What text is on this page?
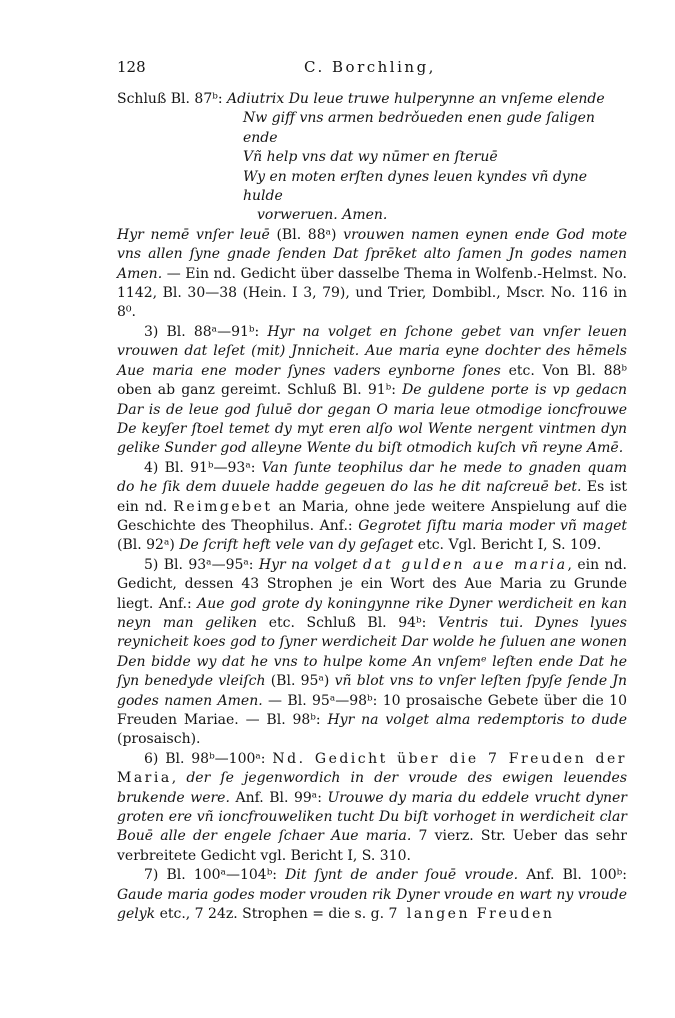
128	C. Borchling,
Schluß Bl. 87ᵇ: Adiutrix Du leue truwe hulperynne an vnſeme elende
Nw giff vns armen bedrǒueden enen gude ſaligen ende
Vñ help vns dat wy nūmer en ſteruē
Wy en moten erſten dynes leuen kyndes vñ dyne hulde
vorweruen. Amen.

Hyr nemē vnſer leuē (Bl. 88ᵃ) vrouwen namen eynen ende God mote vns allen ſyne gnade ſenden Dat ſprēket alto ſamen Jn godes namen Amen. — Ein nd. Gedicht über dasselbe Thema in Wolfenb.-Helmst. No. 1142, Bl. 30—38 (Hein. I 3, 79), und Trier, Dombibl., Mscr. No. 116 in 8⁰.

3) Bl. 88ᵃ—91ᵇ: Hyr na volget en ſchone gebet van vnſer leuen vrouwen dat leſet (mit) Jnnicheit. Aue maria eyne dochter des hēmels Aue maria ene moder ſynes vaders eynborne ſones etc. Von Bl. 88ᵇ oben ab ganz gereimt. Schluß Bl. 91ᵇ: De guldene porte is vp gedacn Dar is de leue god ſuluē dor gegan O maria leue otmodige ioncfrouwe De keyſer ſtoel temet dy myt eren alſo wol Wente nergent vintmen dyn gelike Sunder god alleyne Wente du biſt otmodich kuſch vñ reyne Amē.

4) Bl. 91ᵇ—93ᵃ: Van ſunte teophilus dar he mede to gnaden quam do he ſik dem duuele hadde gegeuen do las he dit naſcreuē bet. Es ist ein nd. Reimgebet an Maria, ohne jede weitere Anspielung auf die Geschichte des Theophilus. Anf.: Gegrotet ſiſtu maria moder vñ maget (Bl. 92ᵃ) De ſcrift heft vele van dy geſaget etc. Vgl. Bericht I, S. 109.

5) Bl. 93ᵃ—95ᵃ: Hyr na volget dat gulden aue maria, ein nd. Gedicht, dessen 43 Strophen je ein Wort des Aue Maria zu Grunde liegt. Anf.: Aue god grote dy koningynne rike Dyner werdicheit en kan neyn man geliken etc. Schluß Bl. 94ᵇ: Ventris tui. Dynes lyues reynicheit koes god to ſyner werdicheit Dar wolde he ſuluen ane wonen Den bidde wy dat he vns to hulpe kome An vnſemᵉ leſten ende Dat he ſyn benedyde vleiſch (Bl. 95ᵃ) vñ blot vns to vnſer leſten ſpyſe ſende Jn godes namen Amen. — Bl. 95ᵃ—98ᵇ: 10 prosaische Gebete über die 10 Freuden Mariae. — Bl. 98ᵇ: Hyr na volget alma redemptoris to dude (prosaisch).

6) Bl. 98ᵇ—100ᵃ: Nd. Gedicht über die 7 Freuden der Maria, der ſe jegenwordich in der vroude des ewigen leuendes brukende were. Anf. Bl. 99ᵃ: Urouwe dy maria du eddele vrucht dyner groten ere vñ ioncfrouweliken tucht Du biſt vorhoget in werdicheit clar Bouē alle der engele ſchaer Aue maria. 7 vierz. Str. Ueber das sehr verbreitete Gedicht vgl. Bericht I, S. 310.

7) Bl. 100ᵃ—104ᵇ: Dit ſynt de ander ſouē vroude. Anf. Bl. 100ᵇ: Gaude maria godes moder vrouden rik Dyner vroude en wart ny vroude gelyk etc., 7 24z. Strophen = die s. g. 7 langen Freuden
